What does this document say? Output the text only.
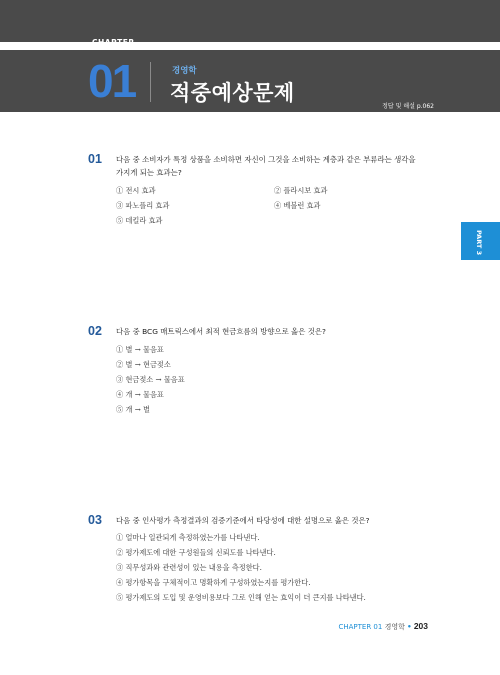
CHAPTER
01	경영학
적중예상문제
정답 및 해설 p.062
PART 3
01 다음 중 소비자가 특정 상품을 소비하면 자신이 그것을 소비하는 계층과 같은 부류라는 생각을
가지게 되는 효과는?
① 전시 효과	② 플라시보 효과
③ 파노플리 효과	④ 베블런 효과
⑤ 데킬라 효과
02 다음 중 BCG 매트릭스에서 최적 현금흐름의 방향으로 옳은 것은?
① 별 → 물음표
② 별 → 현금젖소
③ 현금젖소 → 물음표
④ 개 → 물음표
⑤ 개 → 별
03 다음 중 인사평가 측정결과의 검증기준에서 타당성에 대한 설명으로 옳은 것은?
① 얼마나 일관되게 측정하였는가를 나타낸다.
② 평가제도에 대한 구성원들의 신뢰도를 나타낸다.
③ 직무성과와 관련성이 있는 내용을 측정한다.
④ 평가항목을 구체적이고 명확하게 구성하였는지를 평가한다.
⑤ 평가제도의 도입 및 운영비용보다 그로 인해 얻는 효익이 더 큰지를 나타낸다.
CHAPTER 01 경영학 • 203
